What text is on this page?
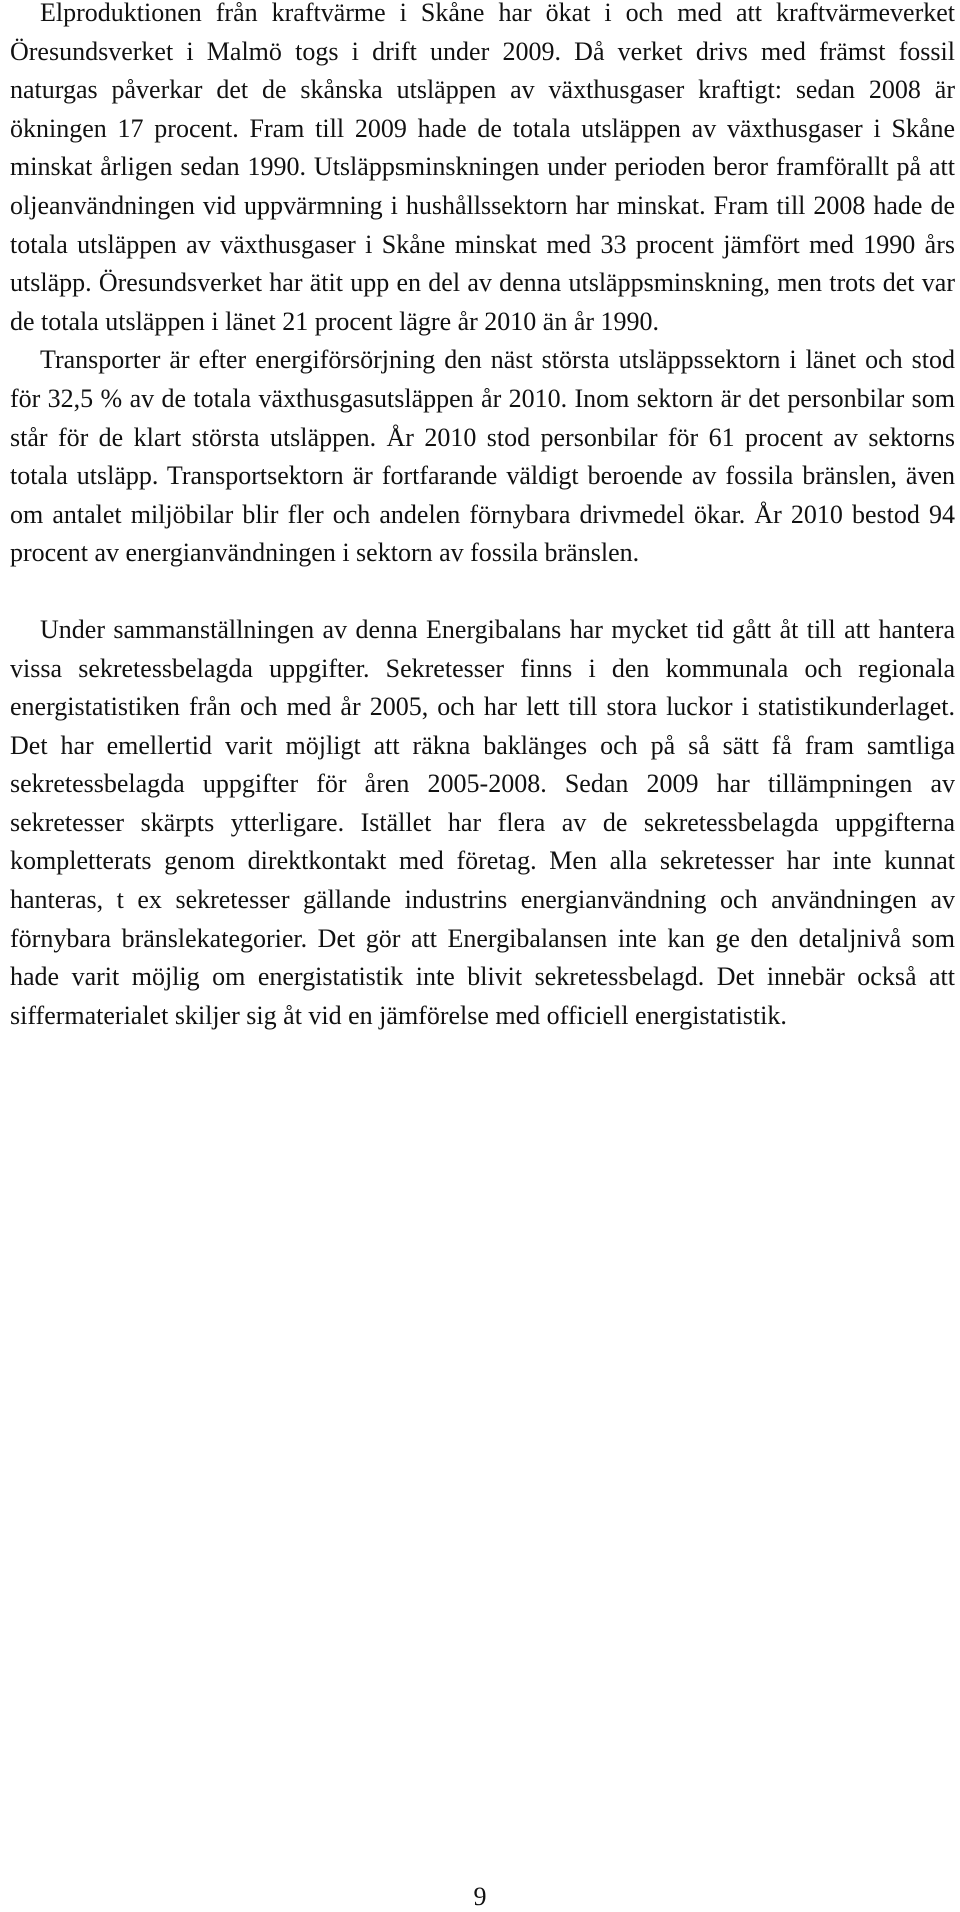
Elproduktionen från kraftvärme i Skåne har ökat i och med att kraftvärmeverket Öresundsverket i Malmö togs i drift under 2009. Då verket drivs med främst fossil naturgas påverkar det de skånska utsläppen av växthusgaser kraftigt: sedan 2008 är ökningen 17 procent. Fram till 2009 hade de totala utsläppen av växthusgaser i Skåne minskat årligen sedan 1990. Utsläppsminskningen under perioden beror framförallt på att oljeanvändningen vid uppvärmning i hushållssektorn har minskat. Fram till 2008 hade de totala utsläppen av växthusgaser i Skåne minskat med 33 procent jämfört med 1990 års utsläpp. Öresundsverket har ätit upp en del av denna utsläppsminskning, men trots det var de totala utsläppen i länet 21 procent lägre år 2010 än år 1990.

Transporter är efter energiförsörjning den näst största utsläppssektorn i länet och stod för 32,5 % av de totala växthusgasutsläppen år 2010. Inom sektorn är det personbilar som står för de klart största utsläppen. År 2010 stod personbilar för 61 procent av sektorns totala utsläpp. Transportsektorn är fortfarande väldigt beroende av fossila bränslen, även om antalet miljöbilar blir fler och andelen förnybara drivmedel ökar. År 2010 bestod 94 procent av energianvändningen i sektorn av fossila bränslen.

Under sammanställningen av denna Energibalans har mycket tid gått åt till att hantera vissa sekretessbelagda uppgifter. Sekretesser finns i den kommunala och regionala energistatistiken från och med år 2005, och har lett till stora luckor i statistikunderlaget. Det har emellertid varit möjligt att räkna baklänges och på så sätt få fram samtliga sekretessbelagda uppgifter för åren 2005-2008. Sedan 2009 har tillämpningen av sekretesser skärpts ytterligare. Istället har flera av de sekretessbelagda uppgifterna kompletterats genom direktkontakt med företag. Men alla sekretesser har inte kunnat hanteras, t ex sekretesser gällande industrins energianvändning och användningen av förnybara bränslekategorier. Det gör att Energibalansen inte kan ge den detaljnivå som hade varit möjlig om energistatistik inte blivit sekretessbelagd. Det innebär också att siffermaterialet skiljer sig åt vid en jämförelse med officiell energistatistik.

9
